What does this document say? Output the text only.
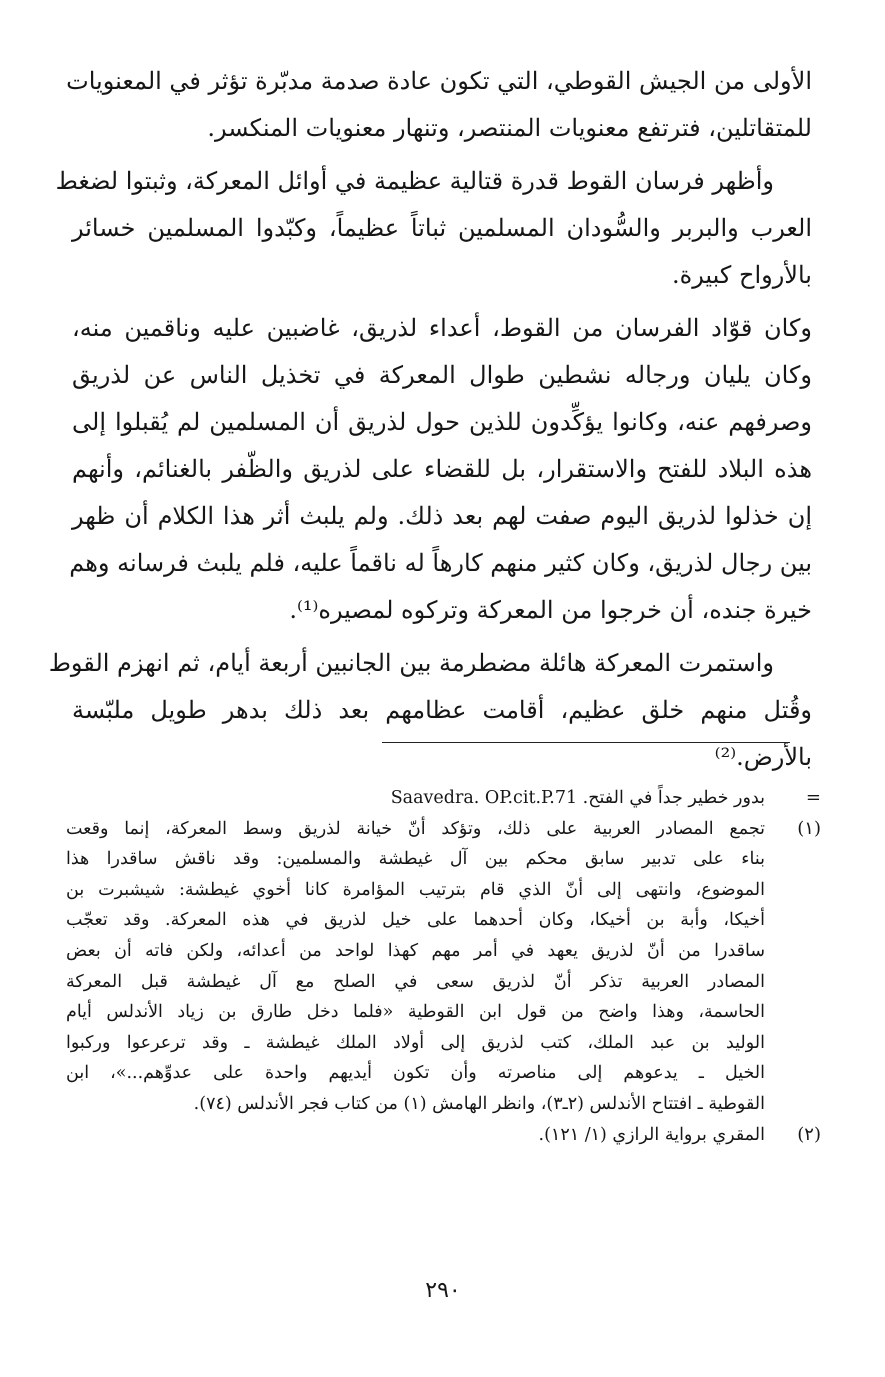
الأولى من الجيش القوطي، التي تكون عادة صدمة مدبّرة تؤثر في المعنويات
للمتقاتلين، فترتفع معنويات المنتصر، وتنهار معنويات المنكسر.
وأظهر فرسان القوط قدرة قتالية عظيمة في أوائل المعركة، وثبتوا لضغط
العرب والبربر والسُّودان المسلمين ثباتاً عظيماً، وكبّدوا المسلمين خسائر
بالأرواح كبيرة.
وكان قوّاد الفرسان من القوط، أعداء لذريق، غاضبين عليه وناقمين منه،
وكان يليان ورجاله نشطين طوال المعركة في تخذيل الناس عن لذريق
وصرفهم عنه، وكانوا يؤكِّدون للذين حول لذريق أن المسلمين لم يُقبلوا إلى
هذه البلاد للفتح والاستقرار، بل للقضاء على لذريق والظّفر بالغنائم، وأنهم
إن خذلوا لذريق اليوم صفت لهم بعد ذلك. ولم يلبث أثر هذا الكلام أن ظهر
بين رجال لذريق، وكان كثير منهم كارهاً له ناقماً عليه، فلم يلبث فرسانه وهم
خيرة جنده، أن خرجوا من المعركة وتركوه لمصيره⁽¹⁾.
واستمرت المعركة هائلة مضطرمة بين الجانبين أربعة أيام، ثم انهزم القوط
وقُتل منهم خلق عظيم، أقامت عظامهم بعد ذلك بدهر طويل ملبّسة
بالأرض.⁽²⁾
=
بدور خطير جداً في الفتح. Saavedra. OP.cit.P.71
(١)
تجمع المصادر العربية على ذلك، وتؤكد أنّ خيانة لذريق وسط المعركة، إنما وقعت
بناء على تدبير سابق محكم بين آل غيطشة والمسلمين: وقد ناقش ساقدرا هذا
الموضوع، وانتهى إلى أنّ الذي قام بترتيب المؤامرة كانا أخوي غيطشة: شيشبرت بن
أخيكا، وأبة بن أخيكا، وكان أحدهما على خيل لذريق في هذه المعركة. وقد تعجّب
ساقدرا من أنّ لذريق يعهد في أمر مهم كهذا لواحد من أعدائه، ولكن فاته أن بعض
المصادر العربية تذكر أنّ لذريق سعى في الصلح مع آل غيطشة قبل المعركة
الحاسمة، وهذا واضح من قول ابن القوطية «فلما دخل طارق بن زياد الأندلس أيام
الوليد بن عبد الملك، كتب لذريق إلى أولاد الملك غيطشة ـ وقد ترعرعوا وركبوا
الخيل ـ يدعوهم إلى مناصرته وأن تكون أيديهم واحدة على عدوِّهم...»، ابن
القوطية ـ افتتاح الأندلس (٢ـ٣)، وانظر الهامش (١) من كتاب فجر الأندلس (٧٤).
(٢)
المقري برواية الرازي (١/ ١٢١).
٢٩٠
